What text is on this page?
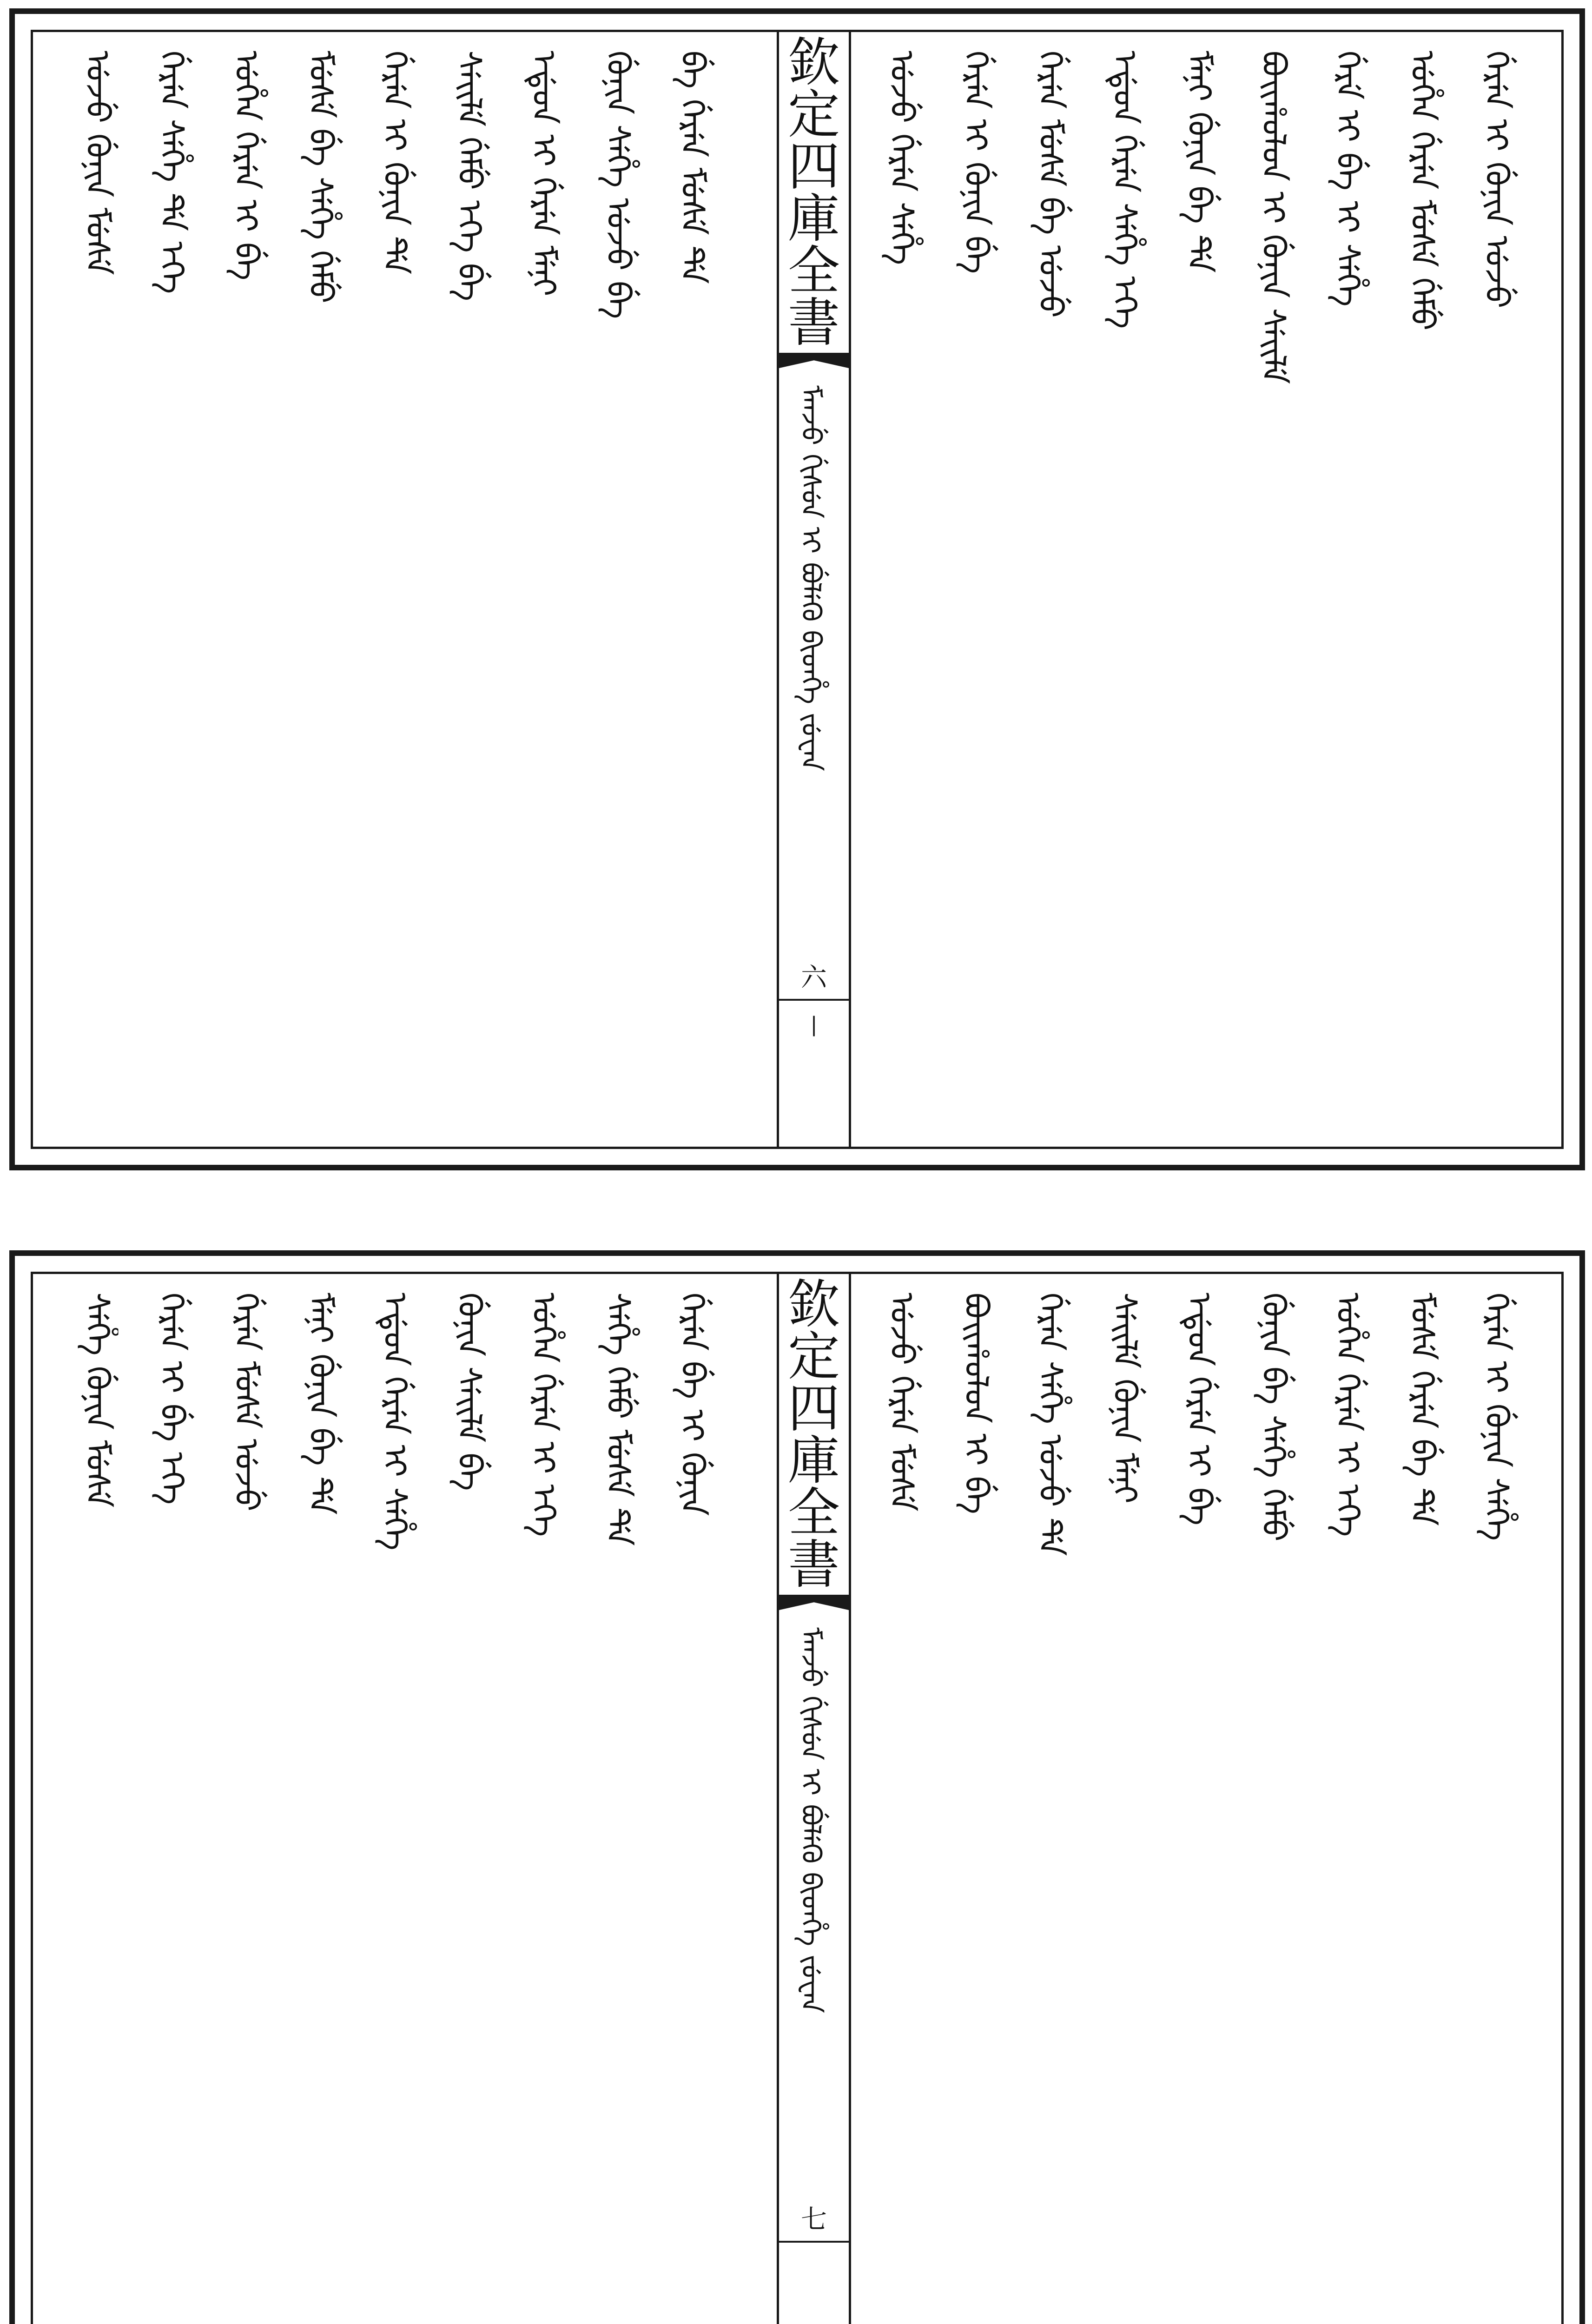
ᠪᡝ ᡤᡝᡵᡝᠨ ᠮᡠᠰᡝ ᡩᡝ
ᡤᡠᠨᡳᠨ ᠰᡝᡥᡝ ᡠᠵᡠ ᠪᡝ
ᡝᡩᡠᠨ ᡳ ᡤᡝᡵᡝᠨ ᠮᡝᠨᡳ
ᠰᡝᡳᠯᡝ ᡤᡝᠮᡠ ᡝᡴᡝ ᠪᡝ
ᡤᡝᡵᡝᠨ ᡳ ᡤᡠᠨᡳᠨ ᡩᡝ
ᠮᡠᠰᡝ ᠪᡝ ᠰᡝᡥᡝ ᡤᡝᠮᡠ
ᡠᡥᡝᠨ ᡤᡝᡵᡝᠨ ᡳ ᠪᡝ
ᡤᡝᡵᡝᠨ ᠰᡝᡥᡝ ᡩᡝ ᡝᡴᡝ
ᡠᠵᡠ ᡤᡠᠨᡳᠨ ᠮᡠᠰᡝ	欽
定
四
庫
全
書
ᠮᠠᠨᠵᡠ ᡤᡳᠰᡠᠨ ᡳ ᠪᡠᠯᡝᡴᡠ ᠪᡳᡨᡥᡝ ᠵᡠᠸᠠᠨ
六
|
ᡤᡝᡵᡝᠨ ᡳ ᡤᡠᠨᡳᠨ ᡠᠵᡠ
ᡠᡥᡝᠨ ᡤᡝᡵᡝᠨ ᠮᡠᠰᡝ ᡤᡝᠮᡠ
ᡤᡝᡵᡝ ᡳ ᠪᡝ ᡳ ᠰᡝᡥᡝ
ᠪᠣᡳᡥᠣᠯᠣᠨ ᡳ ᡤᡠᠨᡳᠨ ᠰᡝᡳᠯᡝ
ᠮᡝᠨᡳ ᡤᡠᠨᡳᠨ ᠪᡝ ᡩᡝ
ᡝᡩᡠᠨ ᡤᡝᡵᡝᠨ ᠰᡝᡥᡝ ᡝᡴᡝ
ᡤᡝᡵᡝᠨ ᠮᡠᠰᡝ ᠪᡝ ᡠᠵᡠ
ᡤᡝᡵᡝᠨ ᡳ ᡤᡠᠨᡳᠨ ᠪᡝ
ᡠᠵᡠ ᡤᡝᡵᡝᠨ ᠰᡝᡥᡝ
ᡤᡝᡵᡝᠨ ᠪᡝ ᡳ ᡤᡠᠨᡳᠨ
ᠰᡝᡥᡝ ᡤᡝᠮᡠ ᠮᡠᠰᡝ ᡩᡝ
ᡠᡥᡝᠨ ᡤᡝᡵᡝᠨ ᡳ ᡝᡴᡝ
ᡤᡠᠨᡳᠨ ᠰᡝᡳᠯᡝ ᠪᡝ
ᡝᡩᡠᠨ ᡤᡝᡵᡝᠨ ᡳ ᠰᡝᡥᡝ
ᠮᡝᠨᡳ ᡤᡠᠨᡳᠨ ᠪᡝ ᡩᡝ
ᡤᡝᡵᡝᠨ ᠮᡠᠰᡝ ᡠᠵᡠ
ᡤᡝᡵᡝᠨ ᡳ ᠪᡝ ᡝᡴᡝ
ᠰᡝᡥᡝ ᡤᡠᠨᡳᠨ ᠮᡠᠰᡝ	欽
定
四
庫
全
書
ᠮᠠᠨᠵᡠ ᡤᡳᠰᡠᠨ ᡳ ᠪᡠᠯᡝᡴᡠ ᠪᡳᡨᡥᡝ ᠵᡠᠸᠠᠨ
七
ᡤᡝᡵᡝᠨ ᡳ ᡤᡠᠨᡳᠨ ᠰᡝᡥᡝ
ᠮᡠᠰᡝ ᡤᡝᡵᡝᠨ ᠪᡝ ᡩᡝ
ᡠᡥᡝᠨ ᡤᡝᡵᡝᠨ ᡳ ᡝᡴᡝ
ᡤᡠᠨᡳᠨ ᠪᡝ ᠰᡝᡥᡝ ᡤᡝᠮᡠ
ᡝᡩᡠᠨ ᡤᡝᡵᡝᠨ ᡳ ᠪᡝ
ᠰᡝᡳᠯᡝ ᡤᡠᠨᡳᠨ ᠮᡝᠨᡳ
ᡤᡝᡵᡝᠨ ᠰᡝᡥᡝ ᡠᠵᡠ ᡩᡝ
ᠪᠣᡳᡥᠣᠯᠣᠨ ᡳ ᠪᡝ
ᡠᠵᡠ ᡤᡝᡵᡝᠨ ᠮᡠᠰᡝ
